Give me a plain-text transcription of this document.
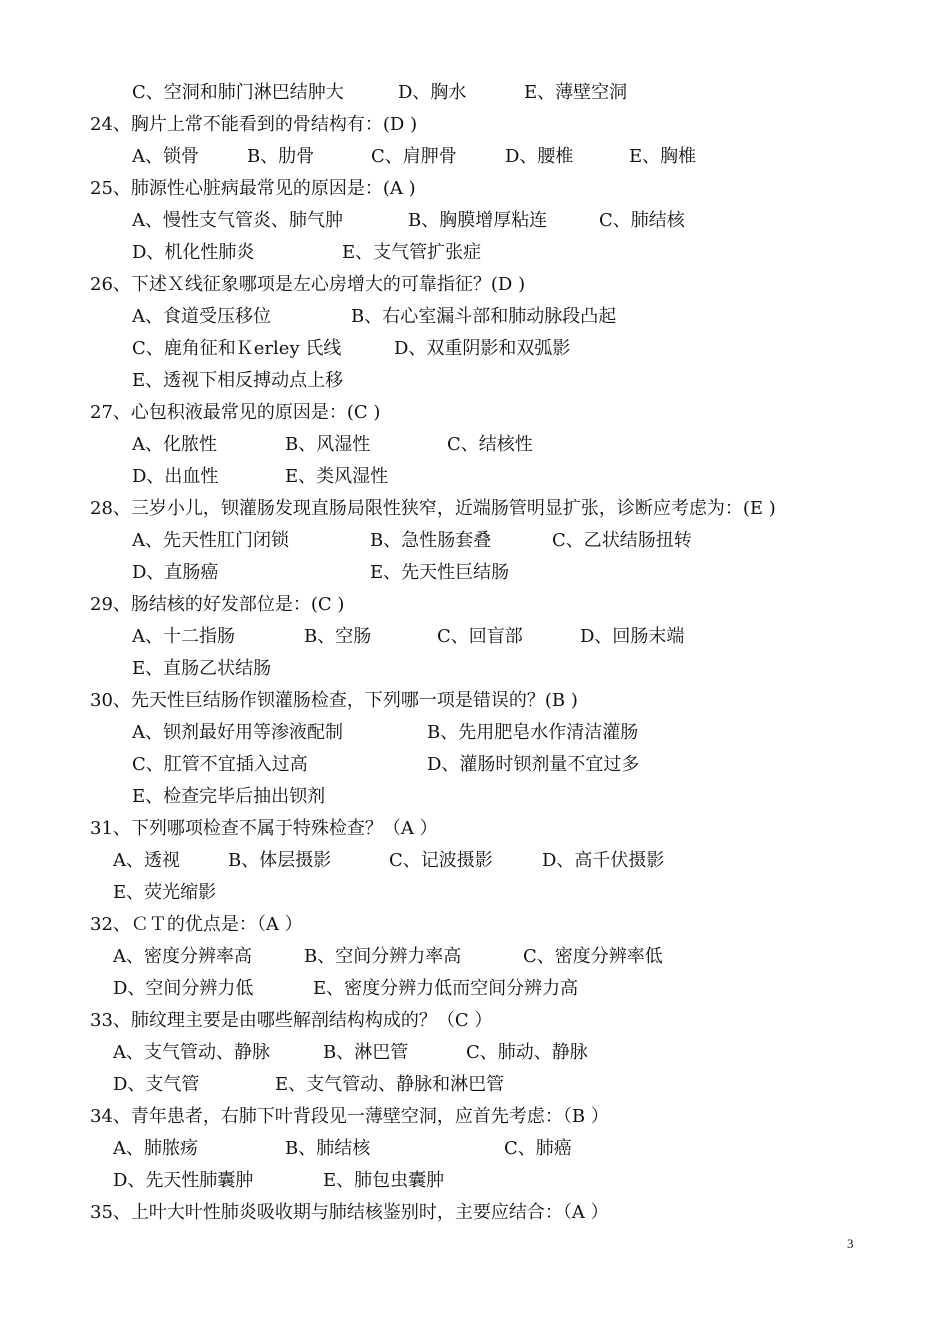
C、空洞和肺门淋巴结肿大	D、胸水	E、薄壁空洞
24、胸片上常不能看到的骨结构有：(D )
A、锁骨	B、肋骨	C、肩胛骨	D、腰椎	E、胸椎
25、肺源性心脏病最常见的原因是：(A )
A、慢性支气管炎、肺气肿	B、胸膜增厚粘连	C、肺结核
D、机化性肺炎	E、支气管扩张症
26、下述Ｘ线征象哪项是左心房增大的可靠指征？(D )
A、食道受压移位	B、右心室漏斗部和肺动脉段凸起
C、鹿角征和Ｋerley 氏线	D、双重阴影和双弧影
E、透视下相反搏动点上移
27、心包积液最常见的原因是：(C )
A、化脓性	B、风湿性	C、结核性
D、出血性	E、类风湿性
28、三岁小儿，钡灌肠发现直肠局限性狭窄，近端肠管明显扩张，诊断应考虑为：(E )
A、先天性肛门闭锁	B、急性肠套叠	C、乙状结肠扭转
D、直肠癌	E、先天性巨结肠
29、肠结核的好发部位是：(C )
A、十二指肠	B、空肠	C、回盲部	D、回肠末端
E、直肠乙状结肠
30、先天性巨结肠作钡灌肠检查，下列哪一项是错误的？(B )
A、钡剂最好用等渗液配制	B、先用肥皂水作清洁灌肠
C、肛管不宜插入过高	D、灌肠时钡剂量不宜过多
E、检查完毕后抽出钡剂
31、下列哪项检查不属于特殊检查？（A ）
A、透视	B、体层摄影	C、记波摄影	D、高千伏摄影
E、荧光缩影
32、ＣＴ的优点是：（A ）
A、密度分辨率高	B、空间分辨力率高	C、密度分辨率低
D、空间分辨力低	E、密度分辨力低而空间分辨力高
33、肺纹理主要是由哪些解剖结构构成的？（C ）
A、支气管动、静脉	B、淋巴管	C、肺动、静脉
D、支气管	E、支气管动、静脉和淋巴管
34、青年患者，右肺下叶背段见一薄壁空洞，应首先考虑：（B ）
A、肺脓疡	B、肺结核	C、肺癌
D、先天性肺囊肿	E、肺包虫囊肿
35、上叶大叶性肺炎吸收期与肺结核鉴别时，主要应结合：（A ）
3
